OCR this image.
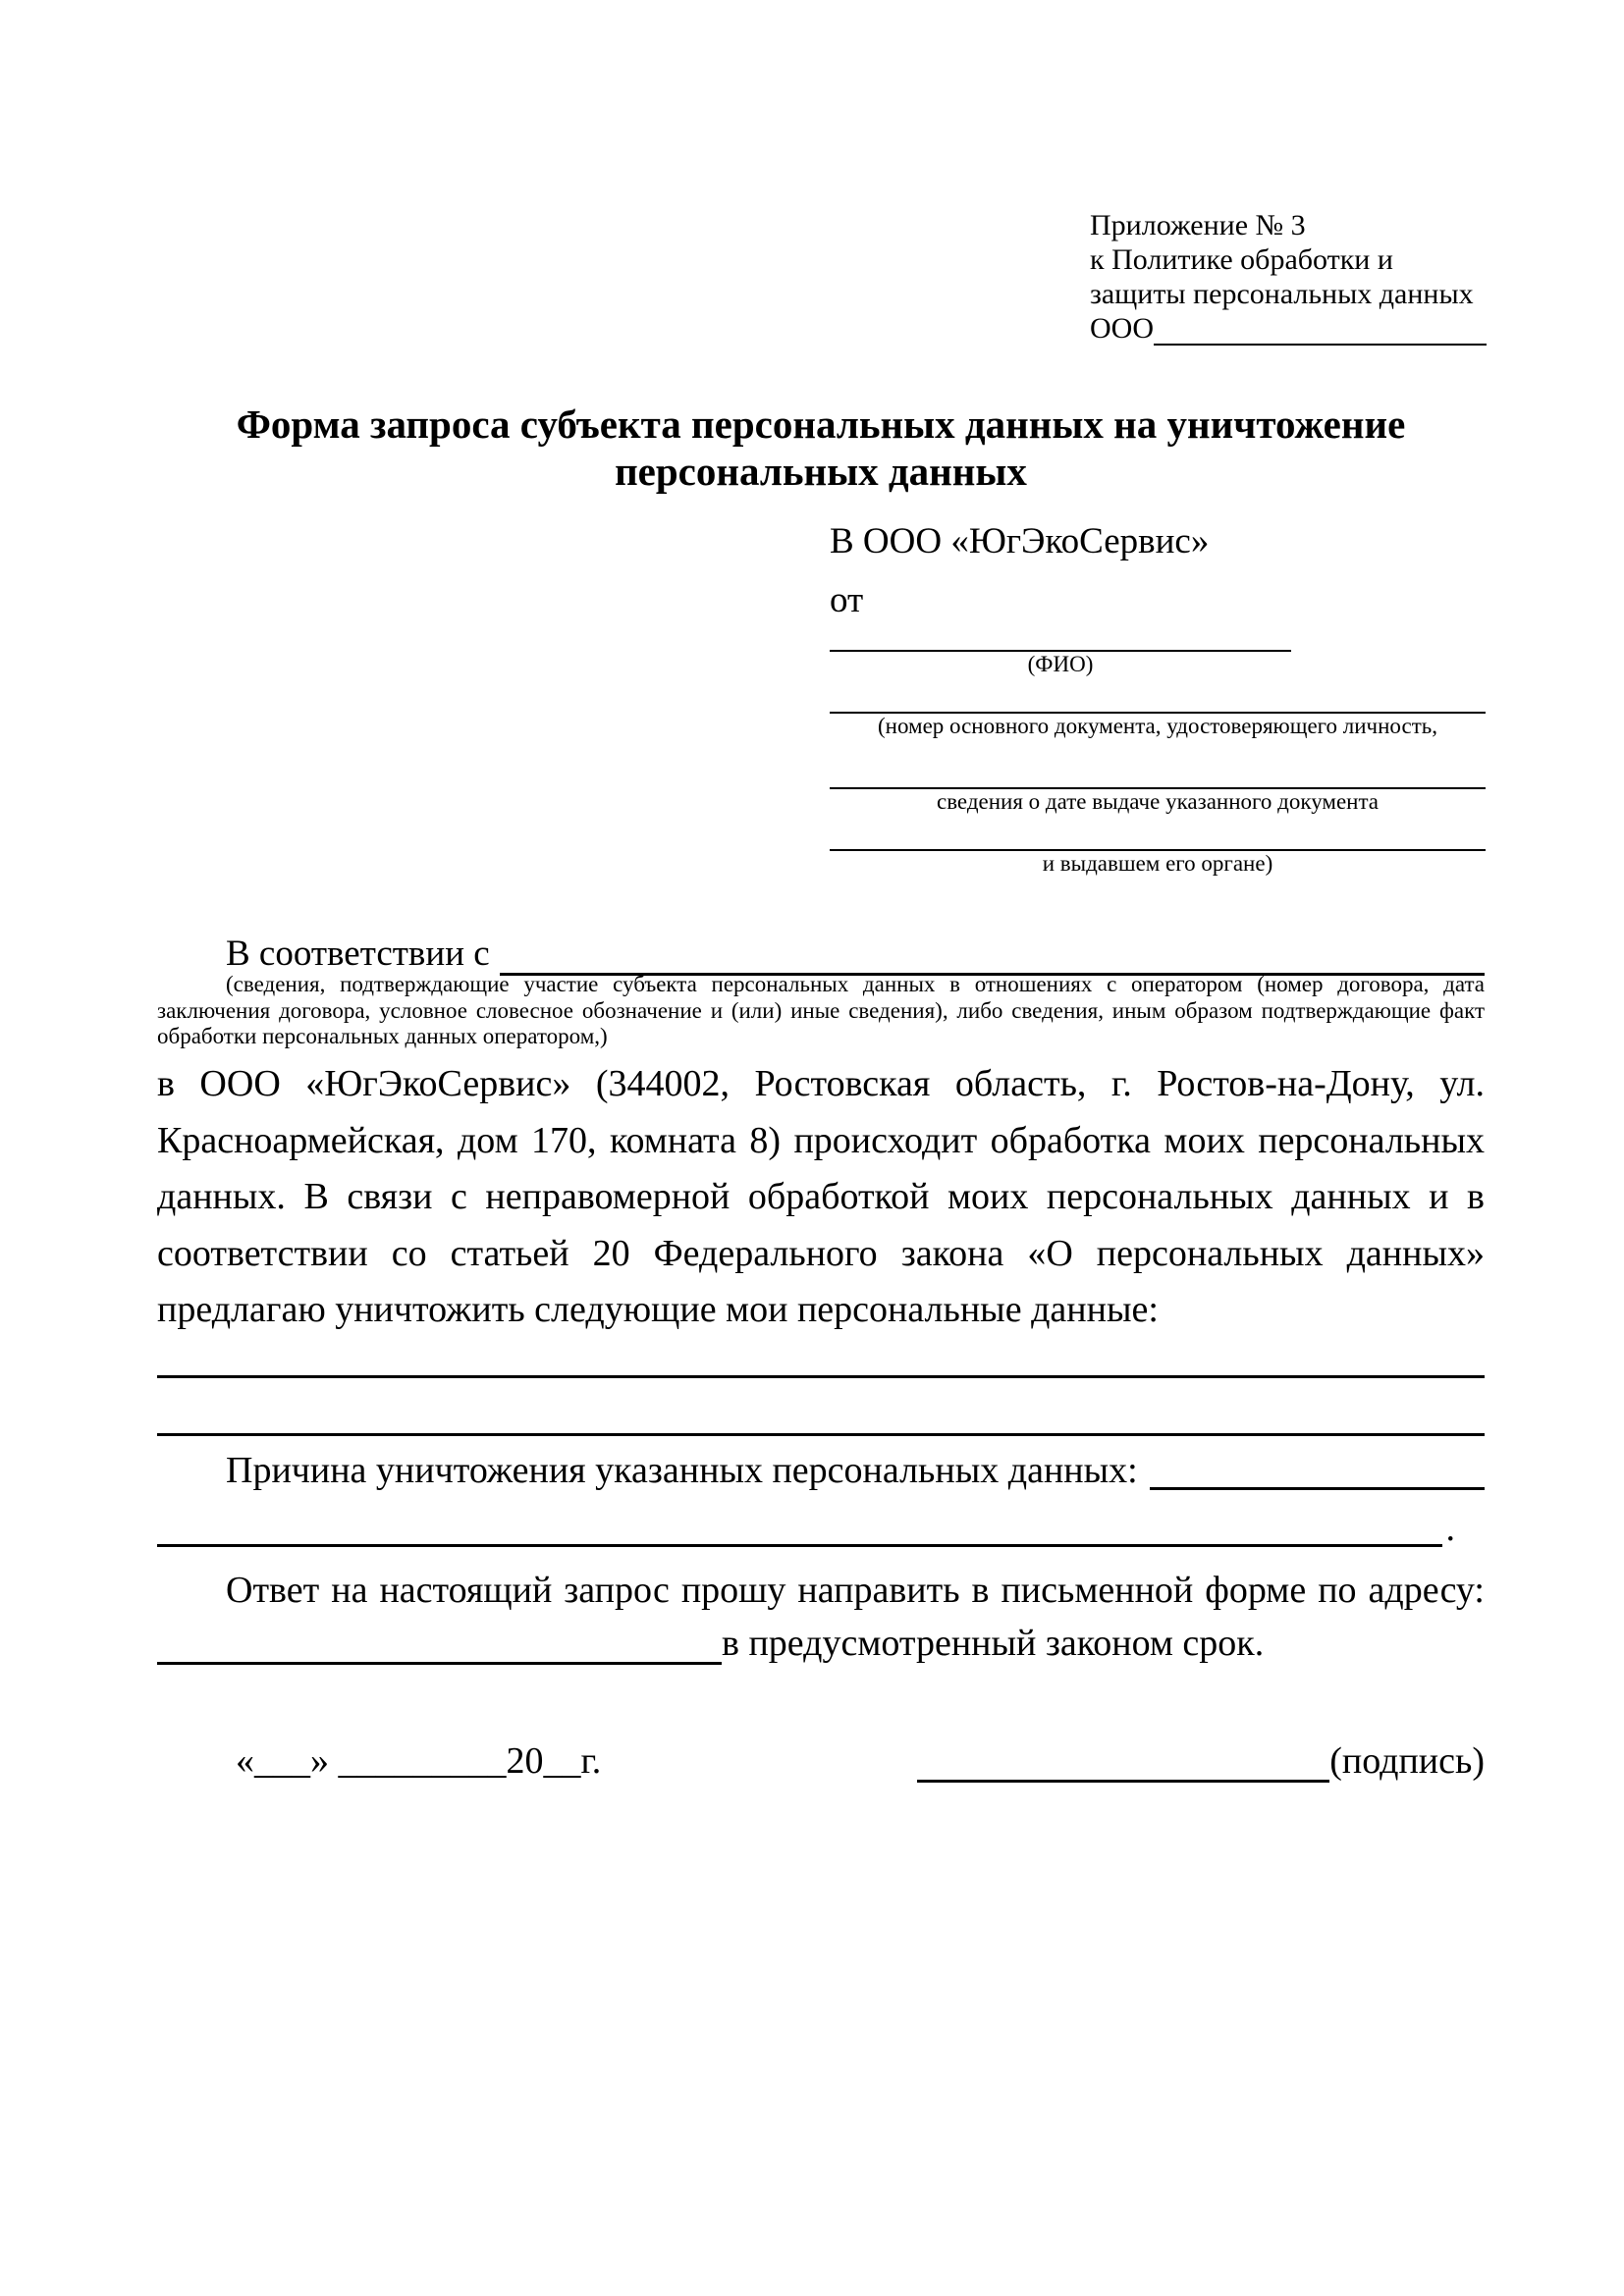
Приложение № 3
к Политике обработки и
защиты персональных данных
ООО
Форма запроса субъекта персональных данных на уничтожение персональных данных
В ООО «ЮгЭкоСервис»
от
(ФИО)
(номер основного документа, удостоверяющего личность,
сведения о дате выдаче указанного документа
и выдавшем его органе)
В соответствии с
(сведения, подтверждающие участие субъекта персональных данных в отношениях с оператором (номер договора, дата заключения договора, условное словесное обозначение и (или) иные сведения), либо сведения, иным образом подтверждающие факт обработки персональных данных оператором,)
в ООО «ЮгЭкоСервис» (344002, Ростовская область, г. Ростов-на-Дону, ул. Красноармейская, дом 170, комната 8) происходит обработка моих персональных данных. В связи с неправомерной обработкой моих персональных данных и в соответствии со статьей 20 Федерального закона «О персональных данных» предлагаю уничтожить следующие мои персональные данные:
Причина уничтожения указанных персональных данных:
.
Ответ на настоящий запрос прошу направить в письменной форме по адресу:
в предусмотренный законом срок.
«___» _________20__г.	(подпись)
